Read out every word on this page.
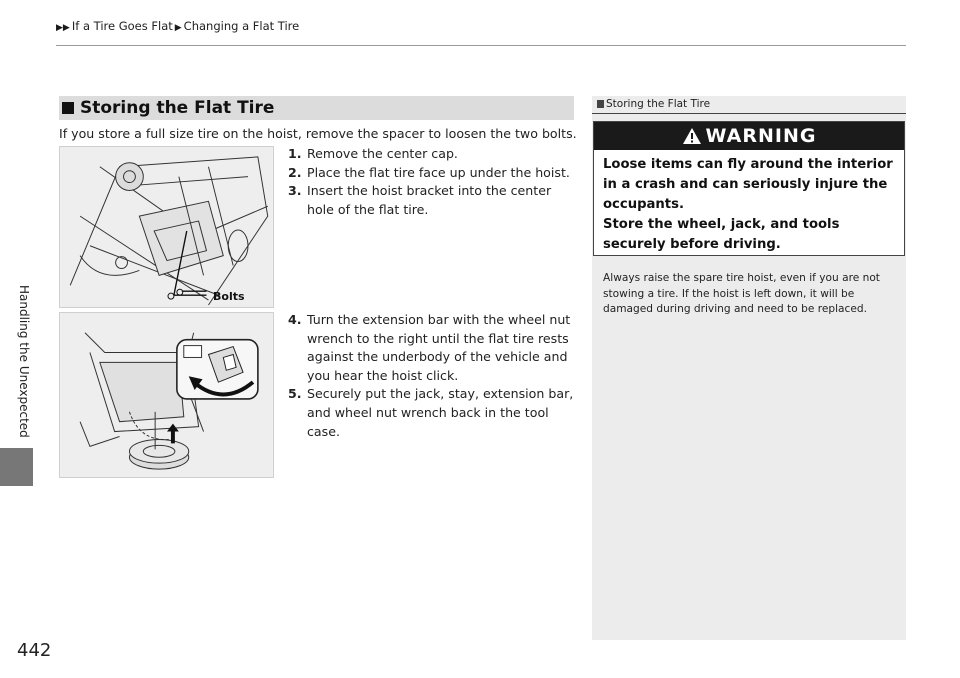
▶▶ If a Tire Goes Flat ▶ Changing a Flat Tire
Handling the Unexpected
442
Storing the Flat Tire
If you store a full size tire on the hoist, remove the spacer to loosen the two bolts.
Bolts
1. Remove the center cap.
2. Place the flat tire face up under the hoist.
3. Insert the hoist bracket into the center hole of the flat tire.
4. Turn the extension bar with the wheel nut wrench to the right until the flat tire rests against the underbody of the vehicle and you hear the hoist click.
5. Securely put the jack, stay, extension bar, and wheel nut wrench back in the tool case.
Storing the Flat Tire
WARNING
Loose items can fly around the interior in a crash and can seriously injure the occupants.
Store the wheel, jack, and tools securely before driving.
Always raise the spare tire hoist, even if you are not stowing a tire. If the hoist is left down, it will be damaged during driving and need to be replaced.
